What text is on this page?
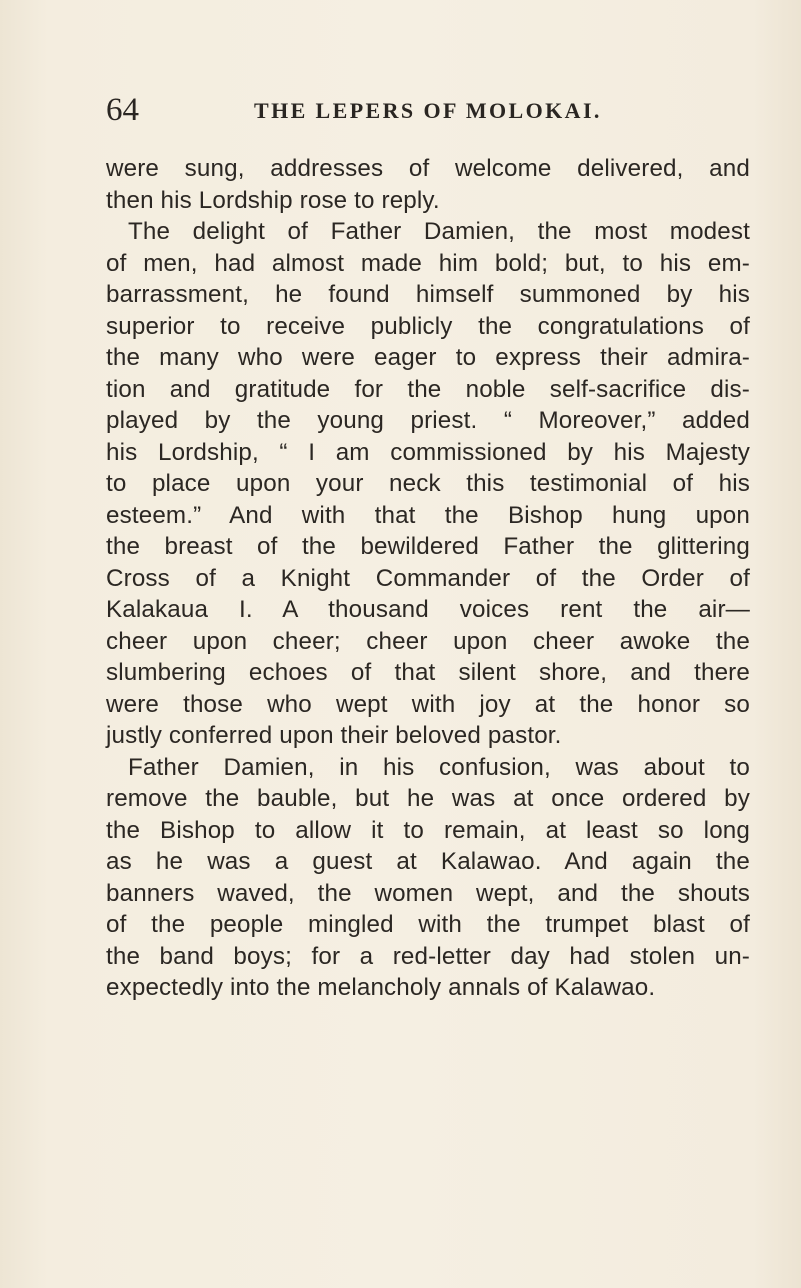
64	THE LEPERS OF MOLOKAI.
were sung, addresses of welcome delivered, and
then his Lordship rose to reply.
The delight of Father Damien, the most modest
of men, had almost made him bold; but, to his em-
barrassment, he found himself summoned by his
superior to receive publicly the congratulations of
the many who were eager to express their admira-
tion and gratitude for the noble self-sacrifice dis-
played by the young priest. “ Moreover,” added
his Lordship, “ I am commissioned by his Majesty
to place upon your neck this testimonial of his
esteem.” And with that the Bishop hung upon
the breast of the bewildered Father the glittering
Cross of a Knight Commander of the Order of
Kalakaua I. A thousand voices rent the air—
cheer upon cheer; cheer upon cheer awoke the
slumbering echoes of that silent shore, and there
were those who wept with joy at the honor so
justly conferred upon their beloved pastor.
Father Damien, in his confusion, was about to
remove the bauble, but he was at once ordered by
the Bishop to allow it to remain, at least so long
as he was a guest at Kalawao. And again the
banners waved, the women wept, and the shouts
of the people mingled with the trumpet blast of
the band boys; for a red-letter day had stolen un-
expectedly into the melancholy annals of Kalawao.
